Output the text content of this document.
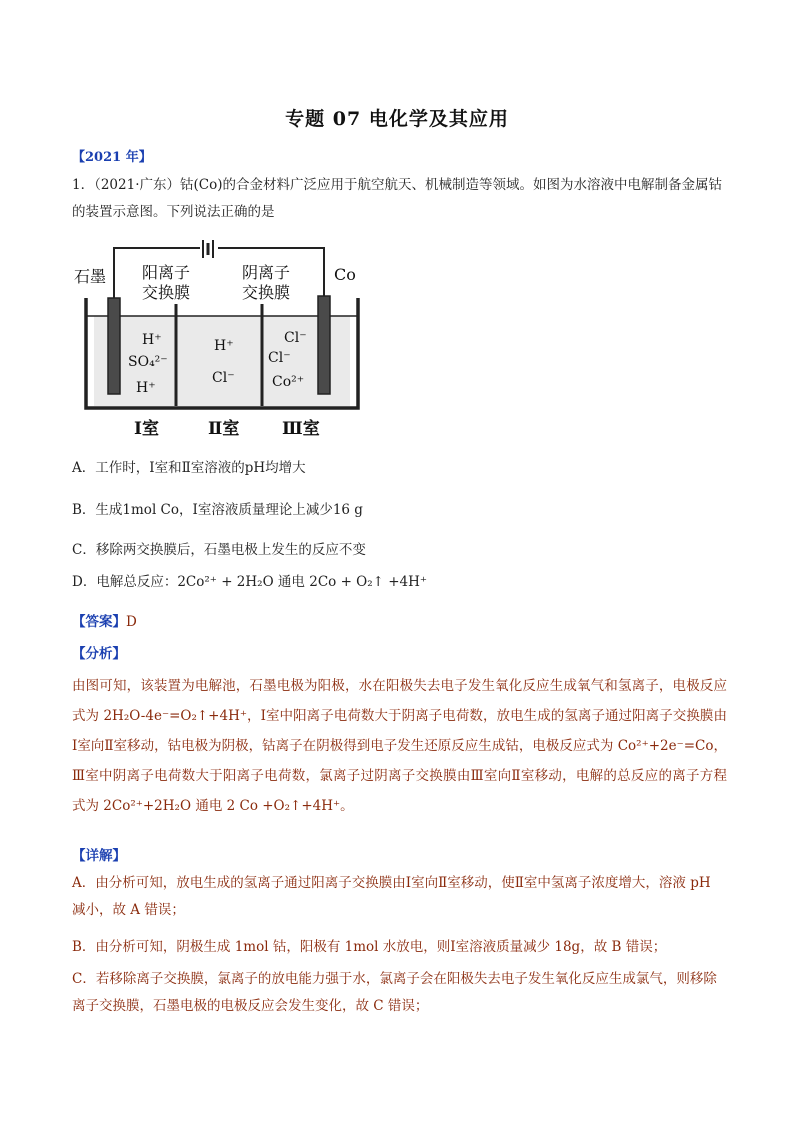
专题 07 电化学及其应用
【2021 年】
1．（2021·广东）钴(Co)的合金材料广泛应用于航空航天、机械制造等领域。如图为水溶液中电解制备金属钴的装置示意图。下列说法正确的是
石墨 阳离子
交换膜
阴离子
交换膜
Co
H⁺
SO₄²⁻
H⁺
H⁺
Cl⁻
Cl⁻
Cl⁻
Co²⁺
Ⅰ室	Ⅱ室	Ⅲ室
A．工作时，Ⅰ室和Ⅱ室溶液的pH均增大
B．生成1mol Co，Ⅰ室溶液质量理论上减少16 g
C．移除两交换膜后，石墨电极上发生的反应不变
D．电解总反应：2Co²⁺ + 2H₂O 通电 2Co + O₂↑ +4H⁺
【答案】D
【分析】
由图可知，该装置为电解池，石墨电极为阳极，水在阳极失去电子发生氧化反应生成氧气和氢离子，电极反应式为 2H₂O-4e⁻=O₂↑+4H⁺，Ⅰ室中阳离子电荷数大于阴离子电荷数，放电生成的氢离子通过阳离子交换膜由Ⅰ室向Ⅱ室移动，钴电极为阴极，钴离子在阴极得到电子发生还原反应生成钴，电极反应式为 Co²⁺+2e⁻=Co，Ⅲ室中阴离子电荷数大于阳离子电荷数，氯离子过阴离子交换膜由Ⅲ室向Ⅱ室移动，电解的总反应的离子方程式为 2Co²⁺+2H₂O 通电 2 Co +O₂↑+4H⁺。
【详解】
A．由分析可知，放电生成的氢离子通过阳离子交换膜由Ⅰ室向Ⅱ室移动，使Ⅱ室中氢离子浓度增大，溶液 pH 减小，故 A 错误；
B．由分析可知，阴极生成 1mol 钴，阳极有 1mol 水放电，则Ⅰ室溶液质量减少 18g，故 B 错误；
C．若移除离子交换膜，氯离子的放电能力强于水，氯离子会在阳极失去电子发生氧化反应生成氯气，则移除离子交换膜，石墨电极的电极反应会发生变化，故 C 错误；
